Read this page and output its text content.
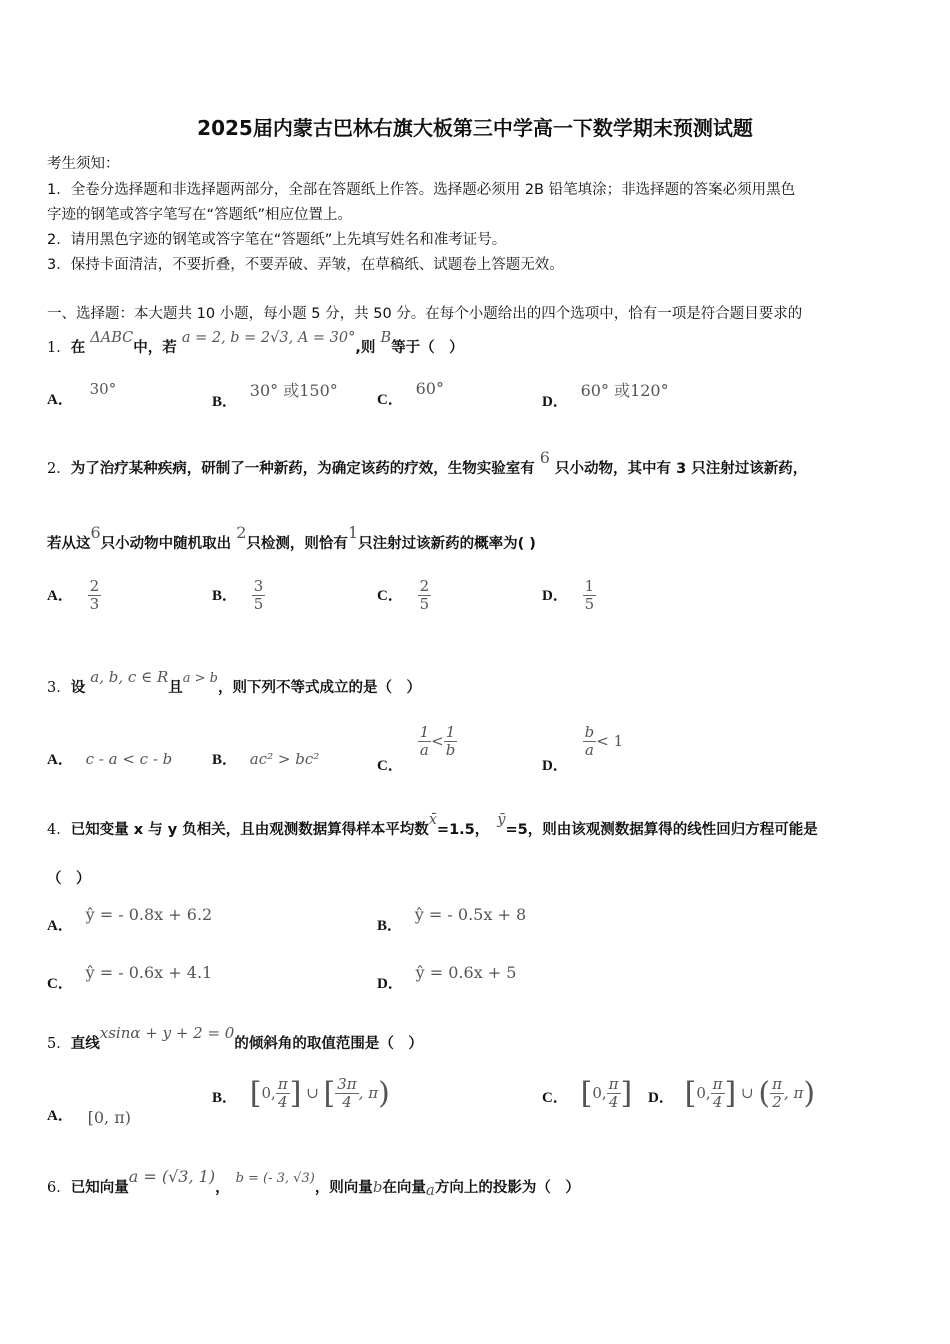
2025届内蒙古巴林右旗大板第三中学高一下数学期末预测试题
考生须知：
1．全卷分选择题和非选择题两部分，全部在答题纸上作答。选择题必须用 2B 铅笔填涂；非选择题的答案必须用黑色
字迹的钢笔或答字笔写在“答题纸”相应位置上。
2．请用黑色字迹的钢笔或答字笔在“答题纸”上先填写姓名和准考证号。
3．保持卡面清洁，不要折叠，不要弄破、弄皱，在草稿纸、试题卷上答题无效。
一、选择题：本大题共 10 小题，每小题 5 分，共 50 分。在每个小题给出的四个选项中，恰有一项是符合题目要求的
1．在 ΔABC中，若 a = 2, b = 2√3, A = 30°,则 B等于（　）
A． 30°
B． 30° 或150°	C． 60°
D． 60° 或120°
2．为了治疗某种疾病，研制了一种新药，为确定该药的疗效，生物实验室有 6 只小动物，其中有 3 只注射过该新药，
若从这6只小动物中随机取出 2只检测，则恰有1只注射过该新药的概率为( )
A． $\frac{2}{3}$	B． $\frac{3}{5}$	C． $\frac{2}{5}$	D． $\frac{1}{5}$
3．设 a, b, c ∈ R且a > b，则下列不等式成立的是（　）
A． c - a < c - b	B． ac² > bc²	C．
$\frac{1}{a} < \frac{1}{b}$
D．
$\frac{b}{a} < 1$
4．已知变量 x 与 y 负相关，且由观测数据算得样本平均数x̄=1.5，ȳ=5，则由该观测数据算得的线性回归方程可能是
（　）
A． ŷ = - 0.8x + 6.2
B． ŷ = - 0.5x + 8
C． ŷ = - 0.6x + 4.1
D． ŷ = 0.6x + 5
5．直线xsinα + y + 2 = 0的倾斜角的取值范围是（　）
A． [0, π)
B． [0, $\frac{\pi}{4}$ ] ∪ [ $\frac{3\pi}{4}$ , π)	C． [0, $\frac{\pi}{4}$ ] D． [0, $\frac{\pi}{4}$ ] ∪ ( $\frac{\pi}{2}$ , π)
6．已知向量a = (√3, 1)，b = (- 3, √3)，则向量b在向量a方向上的投影为（　）
